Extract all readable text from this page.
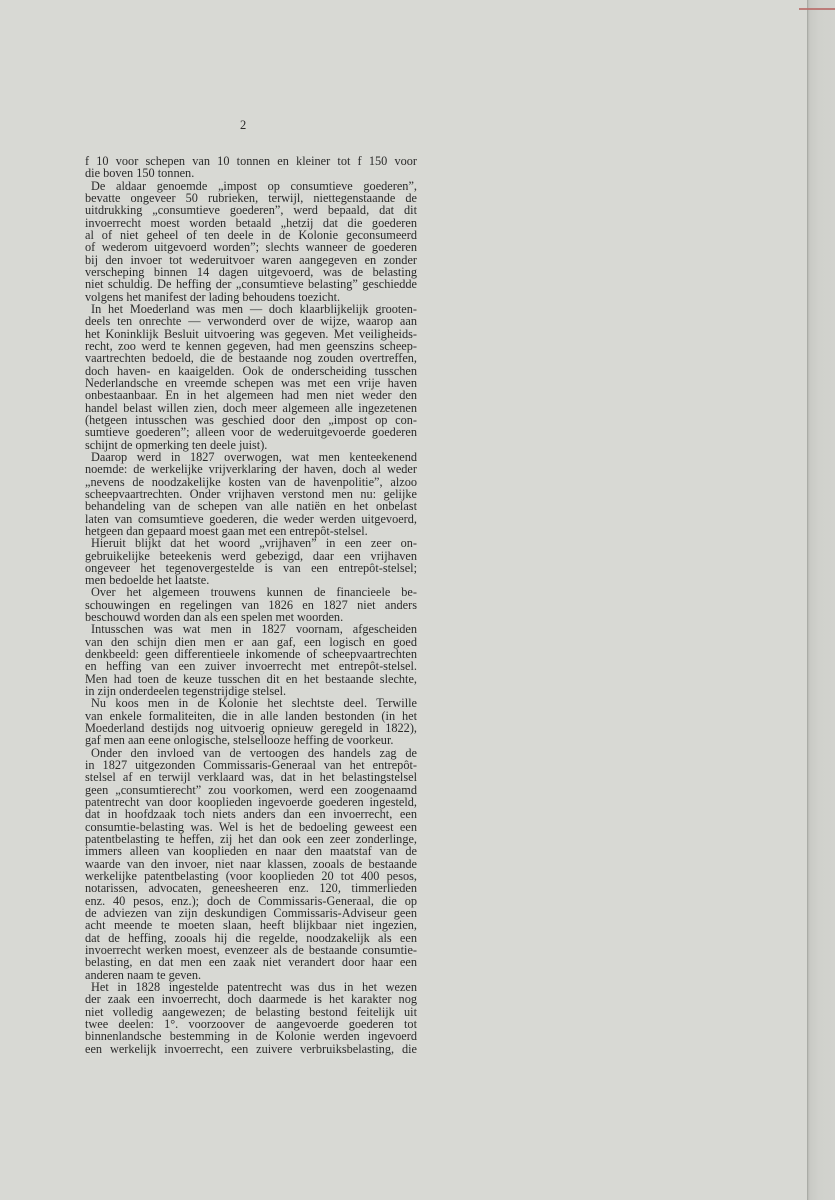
2
f 10 voor schepen van 10 tonnen en kleiner tot f 150 voor
die boven 150 tonnen.
De aldaar genoemde „impost op consumtieve goederen”,
bevatte ongeveer 50 rubrieken, terwijl, niettegenstaande de
uitdrukking „consumtieve goederen”, werd bepaald, dat dit
invoerrecht moest worden betaald „hetzij dat die goederen
al of niet geheel of ten deele in de Kolonie geconsumeerd
of wederom uitgevoerd worden”; slechts wanneer de goederen
bij den invoer tot wederuitvoer waren aangegeven en zonder
verscheping binnen 14 dagen uitgevoerd, was de belasting
niet schuldig. De heffing der „consumtieve belasting” geschiedde
volgens het manifest der lading behoudens toezicht.
In het Moederland was men — doch klaarblijkelijk grooten-
deels ten onrechte — verwonderd over de wijze, waarop aan
het Koninklijk Besluit uitvoering was gegeven. Met veiligheids-
recht, zoo werd te kennen gegeven, had men geenszins scheep-
vaartrechten bedoeld, die de bestaande nog zouden overtreffen,
doch haven- en kaaigelden. Ook de onderscheiding tusschen
Nederlandsche en vreemde schepen was met een vrije haven
onbestaanbaar. En in het algemeen had men niet weder den
handel belast willen zien, doch meer algemeen alle ingezetenen
(hetgeen intusschen was geschied door den „impost op con-
sumtieve goederen”; alleen voor de wederuitgevoerde goederen
schijnt de opmerking ten deele juist).
Daarop werd in 1827 overwogen, wat men kenteekenend
noemde: de werkelijke vrijverklaring der haven, doch al weder
„nevens de noodzakelijke kosten van de havenpolitie”, alzoo
scheepvaartrechten. Onder vrijhaven verstond men nu: gelijke
behandeling van de schepen van alle natiën en het onbelast
laten van comsumtieve goederen, die weder werden uitgevoerd,
hetgeen dan gepaard moest gaan met een entrepôt-stelsel.
Hieruit blijkt dat het woord „vrijhaven” in een zeer on-
gebruikelijke beteekenis werd gebezigd, daar een vrijhaven
ongeveer het tegenovergestelde is van een entrepôt-stelsel;
men bedoelde het laatste.
Over het algemeen trouwens kunnen de financieele be-
schouwingen en regelingen van 1826 en 1827 niet anders
beschouwd worden dan als een spelen met woorden.
Intusschen was wat men in 1827 voornam, afgescheiden
van den schijn dien men er aan gaf, een logisch en goed
denkbeeld: geen differentieele inkomende of scheepvaartrechten
en heffing van een zuiver invoerrecht met entrepôt-stelsel.
Men had toen de keuze tusschen dit en het bestaande slechte,
in zijn onderdeelen tegenstrijdige stelsel.
Nu koos men in de Kolonie het slechtste deel. Terwille
van enkele formaliteiten, die in alle landen bestonden (in het
Moederland destijds nog uitvoerig opnieuw geregeld in 1822),
gaf men aan eene onlogische, stelsellooze heffing de voorkeur.
Onder den invloed van de vertoogen des handels zag de
in 1827 uitgezonden Commissaris-Generaal van het entrepôt-
stelsel af en terwijl verklaard was, dat in het belastingstelsel
geen „consumtierecht” zou voorkomen, werd een zoogenaamd
patentrecht van door kooplieden ingevoerde goederen ingesteld,
dat in hoofdzaak toch niets anders dan een invoerrecht, een
consumtie-belasting was. Wel is het de bedoeling geweest een
patentbelasting te heffen, zij het dan ook een zeer zonderlinge,
immers alleen van kooplieden en naar den maatstaf van de
waarde van den invoer, niet naar klassen, zooals de bestaande
werkelijke patentbelasting (voor kooplieden 20 tot 400 pesos,
notarissen, advocaten, geneesheeren enz. 120, timmerlieden
enz. 40 pesos, enz.); doch de Commissaris-Generaal, die op
de adviezen van zijn deskundigen Commissaris-Adviseur geen
acht meende te moeten slaan, heeft blijkbaar niet ingezien,
dat de heffing, zooals hij die regelde, noodzakelijk als een
invoerrecht werken moest, evenzeer als de bestaande consumtie-
belasting, en dat men een zaak niet verandert door haar een
anderen naam te geven.
Het in 1828 ingestelde patentrecht was dus in het wezen
der zaak een invoerrecht, doch daarmede is het karakter nog
niet volledig aangewezen; de belasting bestond feitelijk uit
twee deelen: 1°. voorzoover de aangevoerde goederen tot
binnenlandsche bestemming in de Kolonie werden ingevoerd
een werkelijk invoerrecht, een zuivere verbruiksbelasting, die
